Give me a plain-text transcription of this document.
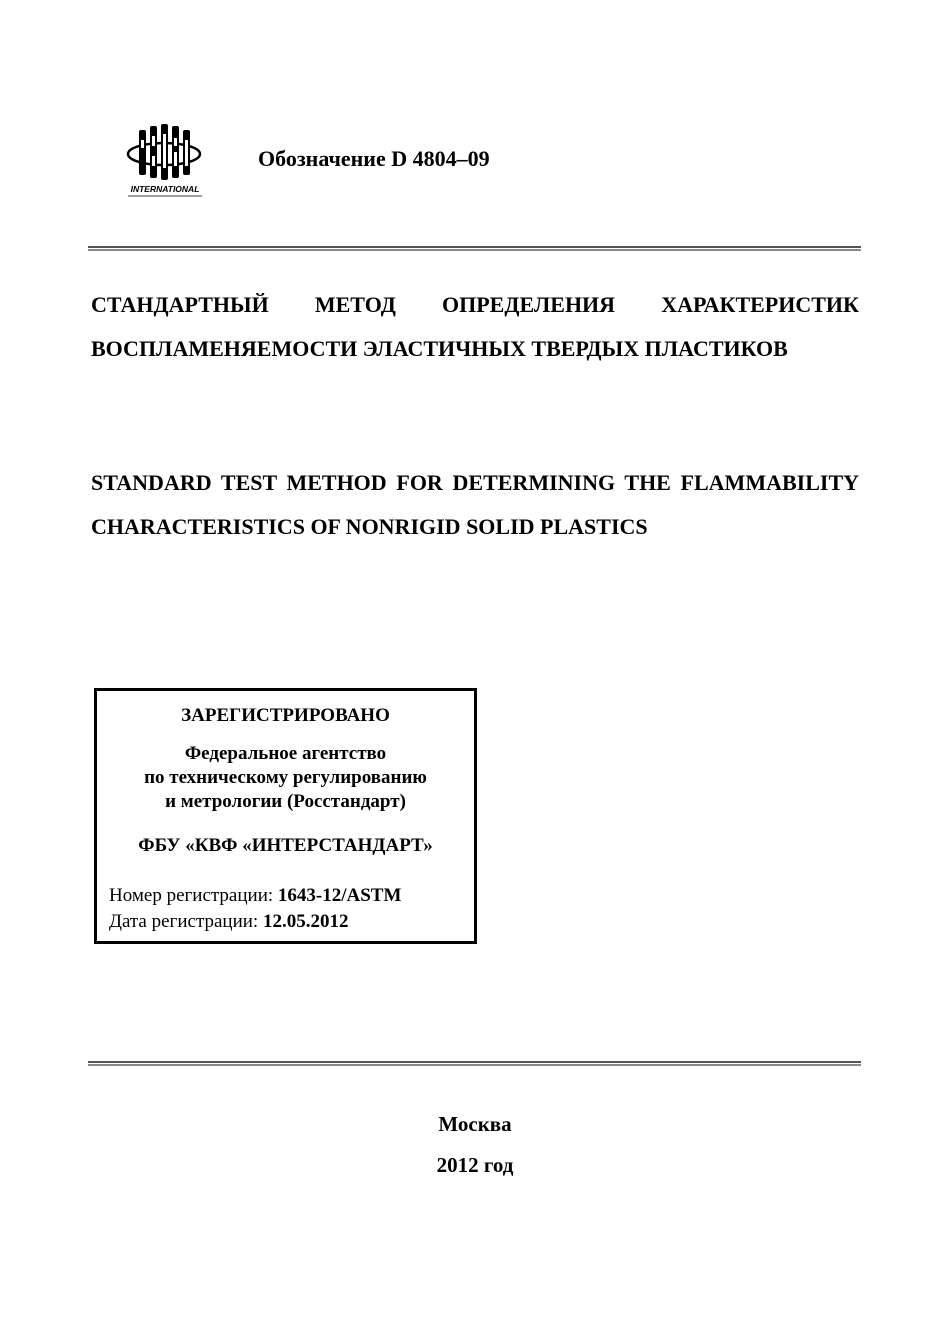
INTERNATIONAL
Обозначение D 4804–09
СТАНДАРТНЫЙ МЕТОД ОПРЕДЕЛЕНИЯ ХАРАКТЕРИСТИК ВОСПЛАМЕНЯЕМОСТИ ЭЛАСТИЧНЫХ ТВЕРДЫХ ПЛАСТИКОВ
STANDARD TEST METHOD FOR DETERMINING THE FLAMMABILITY CHARACTERISTICS OF NONRIGID SOLID PLASTICS
ЗАРЕГИСТРИРОВАНО
Федеральное агентство
по техническому регулированию
и метрологии (Росстандарт)
ФБУ «КВФ «ИНТЕРСТАНДАРТ»
Номер регистрации: 1643-12/ASTM
Дата регистрации: 12.05.2012
Москва
2012 год
